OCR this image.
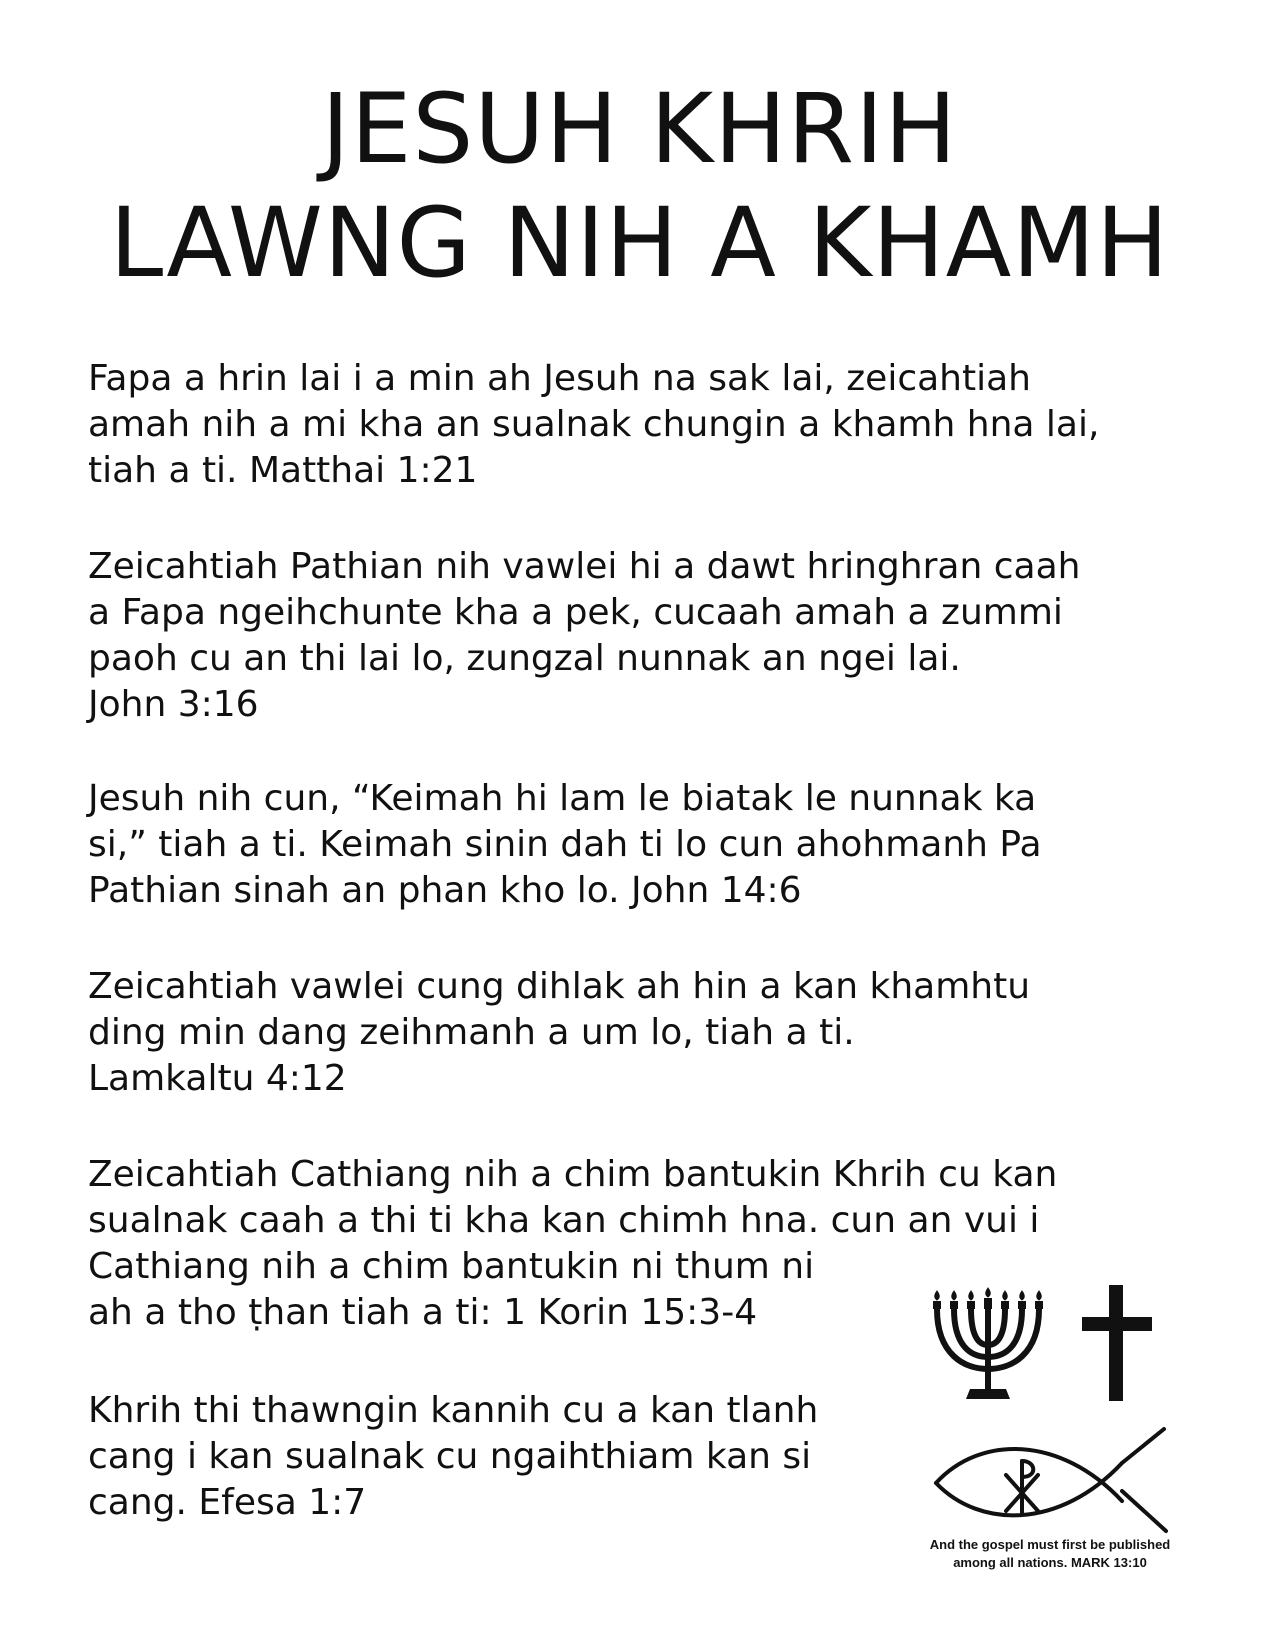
JESUH KHRIH
LAWNG NIH A KHAMH

Fapa a hrin lai i a min ah Jesuh na sak lai, zeicahtiah
amah nih a mi kha an sualnak chungin a khamh hna lai,
tiah a ti. Matthai 1:21

Zeicahtiah Pathian nih vawlei hi a dawt hringhran caah
a Fapa ngeihchunte kha a pek, cucaah amah a zummi
paoh cu an thi lai lo, zungzal nunnak an ngei lai.
John 3:16

Jesuh nih cun, “Keimah hi lam le biatak le nunnak ka
si,” tiah a ti. Keimah sinin dah ti lo cun ahohmanh Pa
Pathian sinah an phan kho lo. John 14:6

Zeicahtiah vawlei cung dihlak ah hin a kan khamhtu
ding min dang zeihmanh a um lo, tiah a ti.
Lamkaltu 4:12

Zeicahtiah Cathiang nih a chim bantukin Khrih cu kan
sualnak caah a thi ti kha kan chimh hna. cun an vui i
Cathiang nih a chim bantukin ni thum ni
ah a tho ṭhan tiah a ti: 1 Korin 15:3-4

Khrih thi thawngin kannih cu a kan tlanh
cang i kan sualnak cu ngaihthiam kan si
cang. Efesa 1:7

And the gospel must first be published
among all nations. MARK 13:10
